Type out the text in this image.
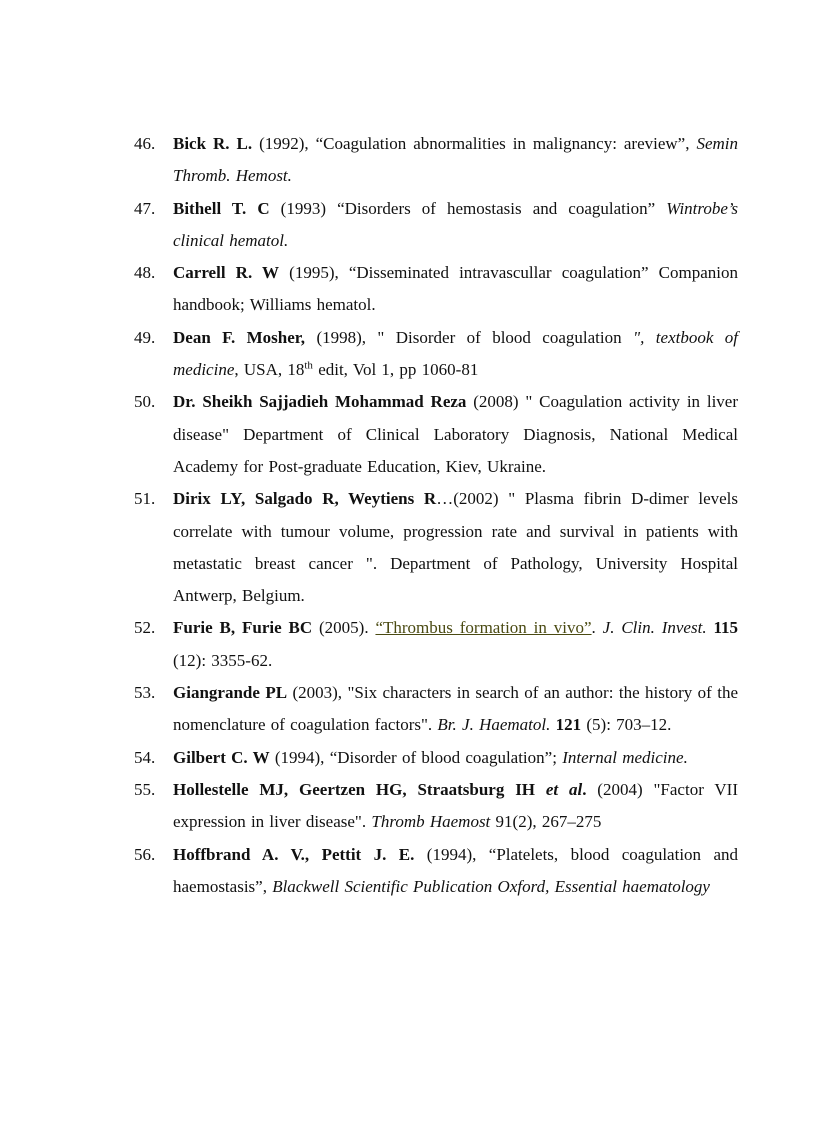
46.	Bick R. L. (1992), “Coagulation abnormalities in malignancy: areview”, Semin Thromb. Hemost.
47.	Bithell T. C (1993) “Disorders of hemostasis and coagulation” Wintrobe’s clinical hematol.
48.	Carrell R. W (1995), “Disseminated intravascullar coagulation” Companion handbook; Williams hematol.
49.	Dean F. Mosher, (1998), " Disorder of blood coagulation ", textbook of medicine, USA, 18th edit, Vol 1, pp 1060-81
50.	Dr. Sheikh Sajjadieh Mohammad Reza (2008) " Coagulation activity in liver disease" Department of Clinical Laboratory Diagnosis, National Medical Academy for Post-graduate Education, Kiev, Ukraine.
51.	Dirix LY, Salgado R, Weytiens R…(2002) " Plasma fibrin D-dimer levels correlate with tumour volume, progression rate and survival in patients with metastatic breast cancer ". Department of Pathology, University Hospital Antwerp, Belgium.
52.	Furie B, Furie BC (2005). “Thrombus formation in vivo”. J. Clin. Invest. 115 (12): 3355-62.
53.	Giangrande PL (2003), "Six characters in search of an author: the history of the nomenclature of coagulation factors". Br. J. Haematol. 121 (5): 703–12.
54.	Gilbert C. W (1994), “Disorder of blood coagulation”; Internal medicine.
55.	Hollestelle MJ, Geertzen HG, Straatsburg IH et al. (2004) "Factor VII expression in liver disease". Thromb Haemost 91(2), 267–275
56.	Hoffbrand A. V., Pettit J. E. (1994), “Platelets, blood coagulation and haemostasis”, Blackwell Scientific Publication Oxford, Essential haematology
